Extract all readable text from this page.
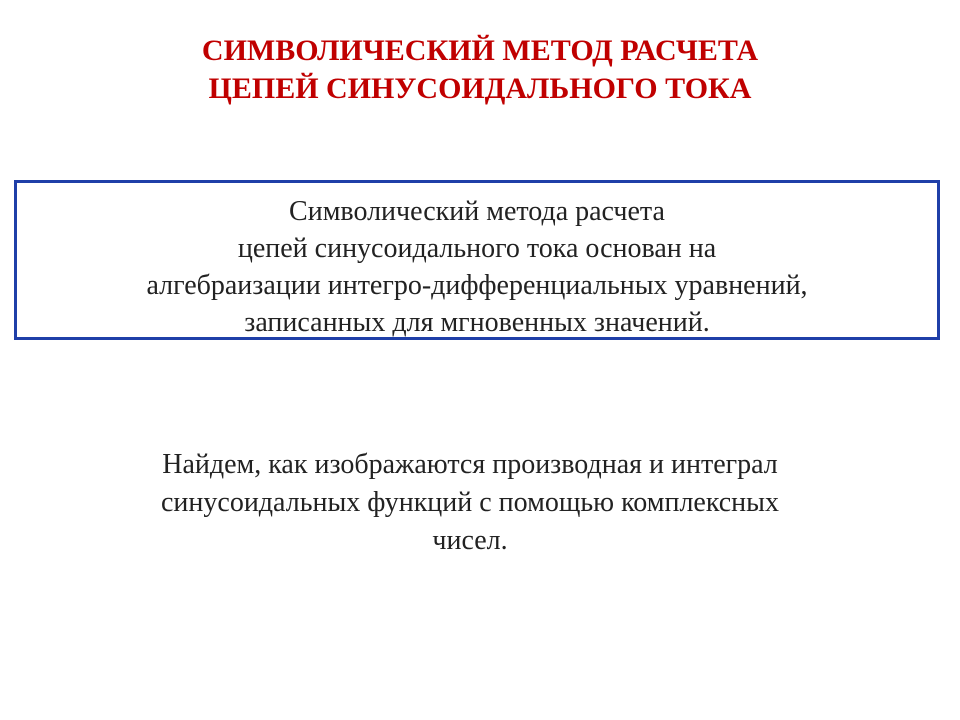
СИМВОЛИЧЕСКИЙ МЕТОД РАСЧЕТА
ЦЕПЕЙ СИНУСОИДАЛЬНОГО ТОКА
Символический метода расчета
цепей синусоидального тока основан на
алгебраизации интегро-дифференциальных уравнений,
записанных для мгновенных значений.
Найдем, как изображаются производная и интеграл
синусоидальных функций с помощью комплексных
чисел.
